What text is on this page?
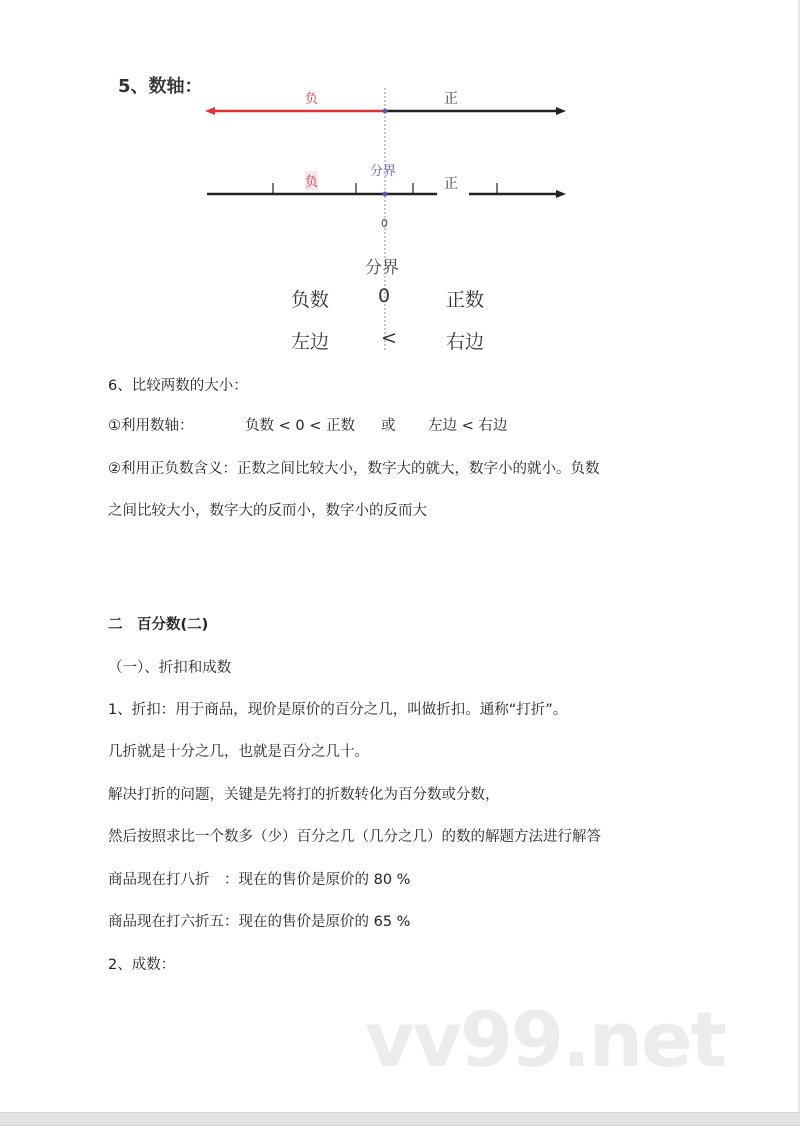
5、数轴：
负	正
分界
负	正
0
分界
负数	0	正数
左边	<	右边
6、比较两数的大小：
①利用数轴：	负数 < 0 < 正数 或 左边 < 右边
②利用正负数含义：正数之间比较大小，数字大的就大，数字小的就小。负数
之间比较大小，数字大的反而小，数字小的反而大
二　百分数(二)
（一）、折扣和成数
1、折扣：用于商品，现价是原价的百分之几，叫做折扣。通称“打折”。
几折就是十分之几，也就是百分之几十。
解决打折的问题，关键是先将打的折数转化为百分数或分数，
然后按照求比一个数多（少）百分之几（几分之几）的数的解题方法进行解答
商品现在打八折　：现在的售价是原价的 80 %
商品现在打六折五：现在的售价是原价的 65 %
2、成数：
vv99.net
